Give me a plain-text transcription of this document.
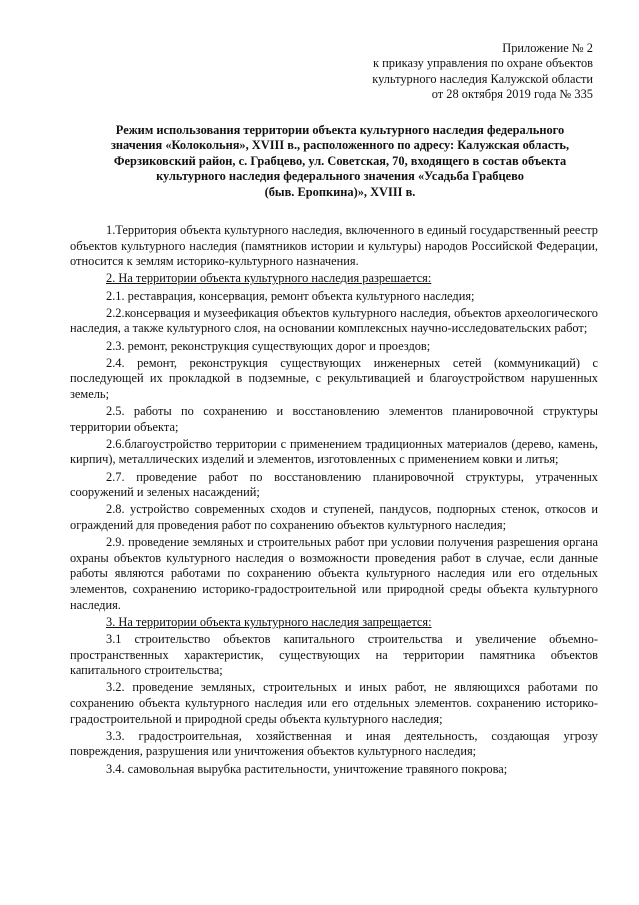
Приложение № 2
к приказу управления по охране объектов
культурного наследия Калужской области
от 28 октября 2019 года № 335
Режим использования территории объекта культурного наследия федерального
значения «Колокольня», XVIII в., расположенного по адресу: Калужская область,
Ферзиковский район, с. Грабцево, ул. Советская, 70, входящего в состав объекта
культурного наследия федерального значения «Усадьба Грабцево
(быв. Еропкина)», XVIII в.

1.Территория объекта культурного наследия, включенного в единый государственный реестр объектов культурного наследия (памятников истории и культуры) народов Российской Федерации, относится к землям историко-культурного назначения.

2. На территории объекта культурного наследия разрешается:

2.1. реставрация, консервация, ремонт объекта культурного наследия;

2.2.консервация и музеефикация объектов культурного наследия, объектов археологического наследия, а также культурного слоя, на основании комплексных научно-исследовательских работ;

2.3. ремонт, реконструкция существующих дорог и проездов;

2.4. ремонт, реконструкция существующих инженерных сетей (коммуникаций) с последующей их прокладкой в подземные, с рекультивацией и благоустройством нарушенных земель;

2.5. работы по сохранению и восстановлению элементов планировочной структуры территории объекта;

2.6.благоустройство территории с применением традиционных материалов (дерево, камень, кирпич), металлических изделий и элементов, изготовленных с применением ковки и литья;

2.7. проведение работ по восстановлению планировочной структуры, утраченных сооружений и зеленых насаждений;

2.8. устройство современных сходов и ступеней, пандусов, подпорных стенок, откосов и ограждений для проведения работ по сохранению объектов культурного наследия;

2.9. проведение земляных и строительных работ при условии получения разрешения органа охраны объектов культурного наследия о возможности проведения работ в случае, если данные работы являются работами по сохранению объекта культурного наследия или его отдельных элементов, сохранению историко-градостроительной или природной среды объекта культурного наследия.

3. На территории объекта культурного наследия запрещается:

3.1 строительство объектов капитального строительства и увеличение объемно-пространственных характеристик, существующих на территории памятника объектов капитального строительства;

3.2. проведение земляных, строительных и иных работ, не являющихся работами по сохранению объекта культурного наследия или его отдельных элементов. сохранению историко-градостроительной и природной среды объекта культурного наследия;

3.3. градостроительная, хозяйственная и иная деятельность, создающая угрозу повреждения, разрушения или уничтожения объектов культурного наследия;

3.4. самовольная вырубка растительности, уничтожение травяного покрова;
